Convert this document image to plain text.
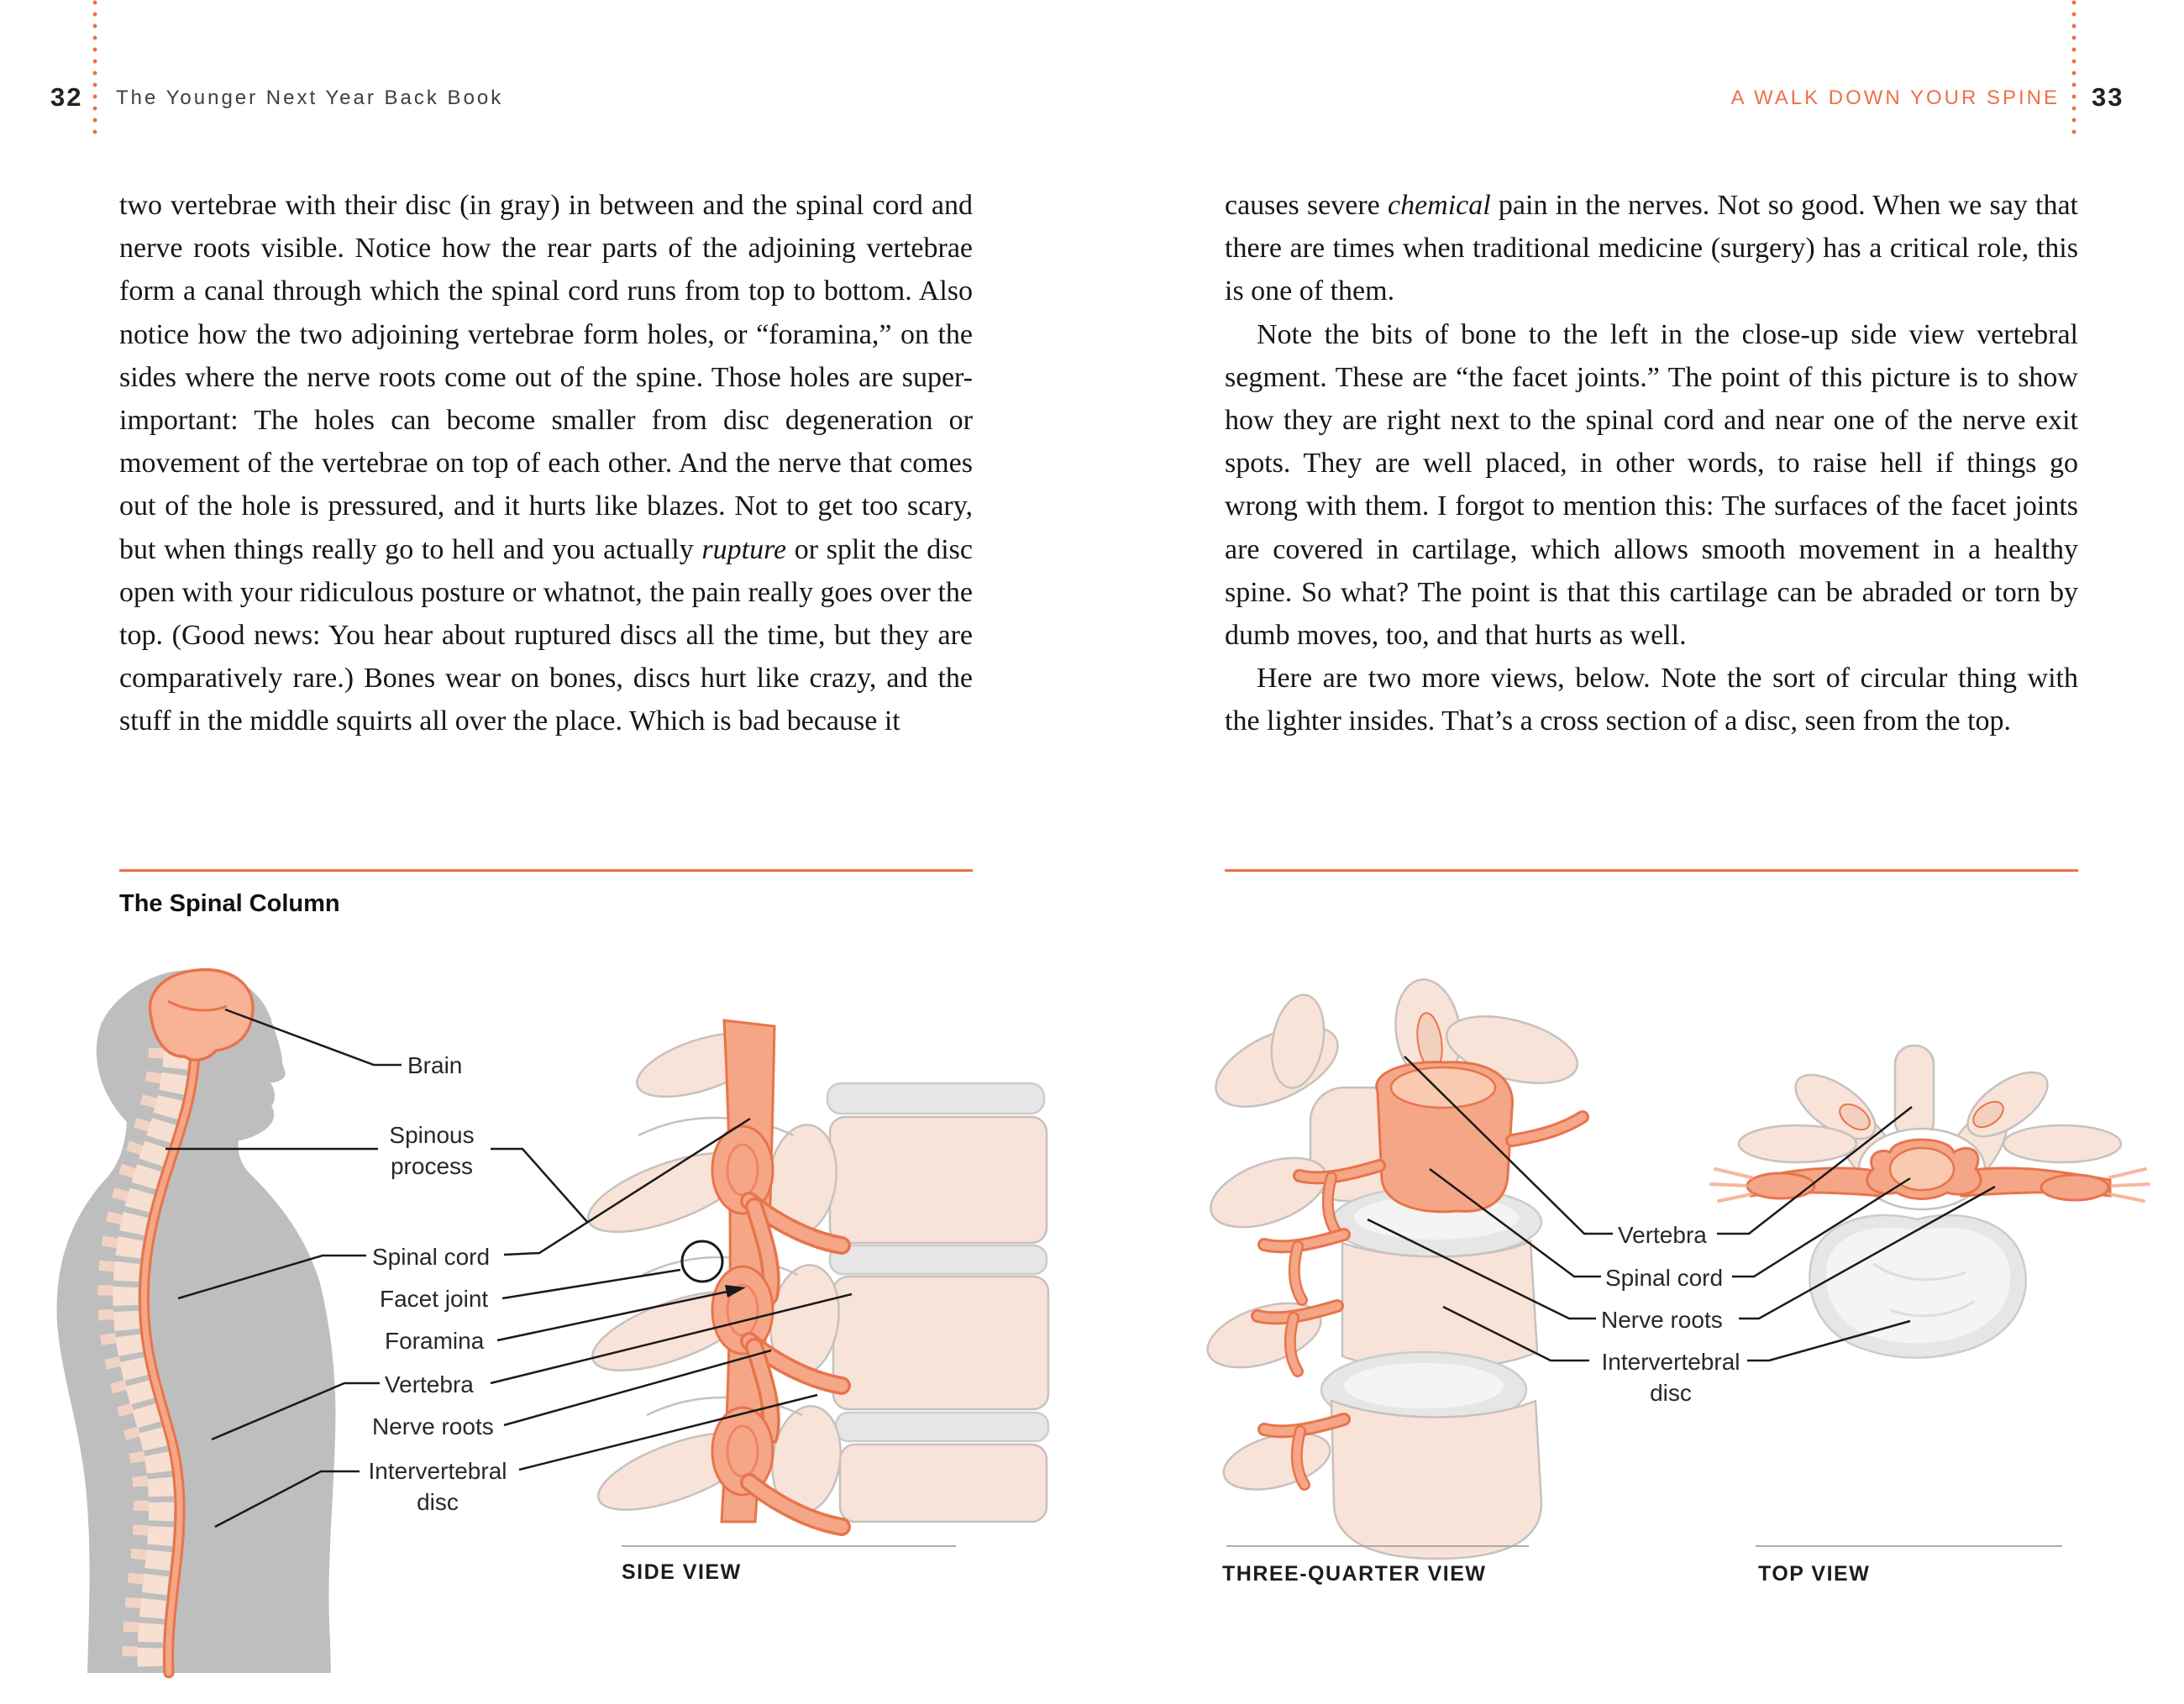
32 The Younger Next Year Back Book	A WALK DOWN YOUR SPINE 33

two vertebrae with their disc (in gray) in between and the spinal cord and nerve roots visible. Notice how the rear parts of the adjoining vertebrae form a canal through which the spinal cord runs from top to bottom. Also notice how the two adjoining vertebrae form holes, or “foramina,” on the sides where the nerve roots come out of the spine. Those holes are super-important: The holes can become smaller from disc degeneration or movement of the vertebrae on top of each other. And the nerve that comes out of the hole is pressured, and it hurts like blazes. Not to get too scary, but when things really go to hell and you actually rupture or split the disc open with your ridiculous posture or whatnot, the pain really goes over the top. (Good news: You hear about ruptured discs all the time, but they are comparatively rare.) Bones wear on bones, discs hurt like crazy, and the stuff in the middle squirts all over the place. Which is bad because it

causes severe chemical pain in the nerves. Not so good. When we say that there are times when traditional medicine (surgery) has a critical role, this is one of them.

Note the bits of bone to the left in the close-up side view vertebral segment. These are “the facet joints.” The point of this picture is to show how they are right next to the spinal cord and near one of the nerve exit spots. They are well placed, in other words, to raise hell if things go wrong with them. I forgot to mention this: The surfaces of the facet joints are covered in cartilage, which allows smooth movement in a healthy spine. So what? The point is that this cartilage can be abraded or torn by dumb moves, too, and that hurts as well.

Here are two more views, below. Note the sort of circular thing with the lighter insides. That’s a cross section of a disc, seen from the top.

The Spinal Column
Brain
Spinous process
Spinal cord
Facet joint
Foramina
Vertebra
Nerve roots
Intervertebral disc
Vertebra
Spinal cord
Nerve roots
Intervertebral disc
SIDE VIEW	THREE-QUARTER VIEW	TOP VIEW
